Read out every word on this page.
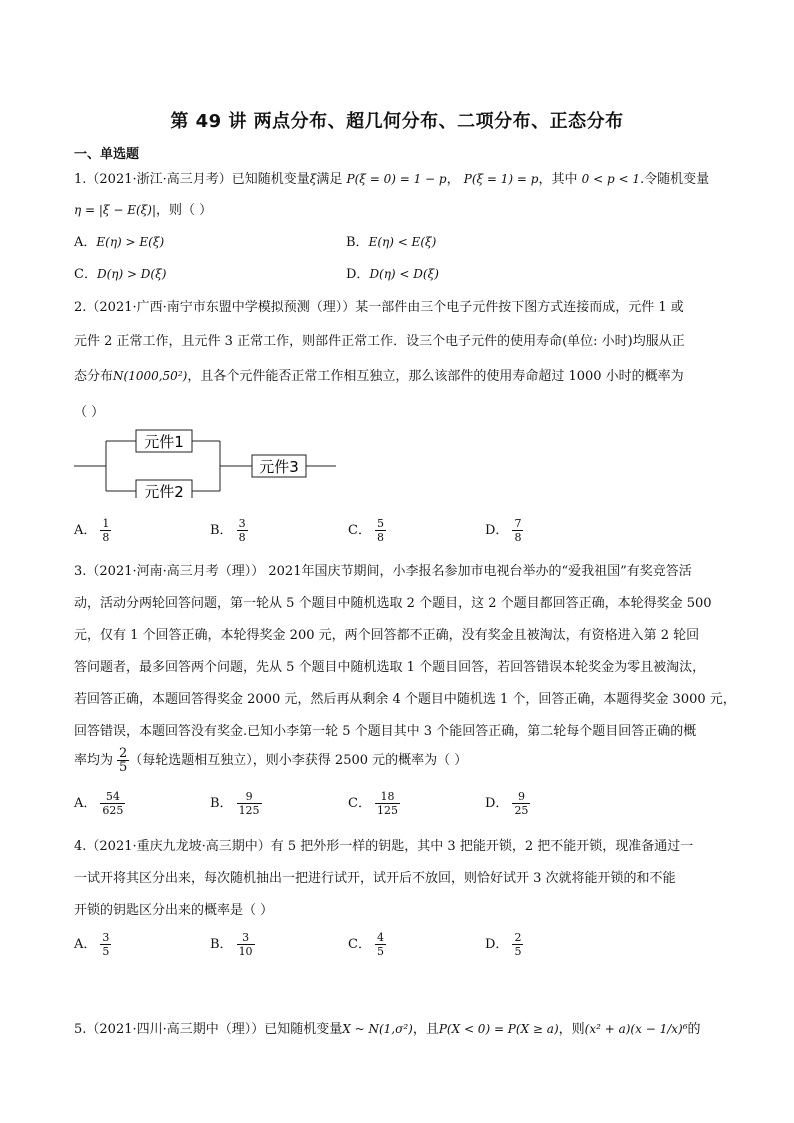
第 49 讲 两点分布、超几何分布、二项分布、正态分布
一、单选题
1.（2021·浙江·高三月考）已知随机变量ξ满足 P(ξ = 0) = 1 − p， P(ξ = 1) = p，其中 0 < p < 1.令随机变量
η = |ξ − E(ξ)|，则（ ）
A．E(η) > E(ξ)	B．E(η) < E(ξ)
C．D(η) > D(ξ)	D．D(η) < D(ξ)
2.（2021·广西·南宁市东盟中学模拟预测（理））某一部件由三个电子元件按下图方式连接而成，元件 1 或
元件 2 正常工作，且元件 3 正常工作，则部件正常工作．设三个电子元件的使用寿命(单位: 小时)均服从正
态分布N(1000,50²)，且各个元件能否正常工作相互独立，那么该部件的使用寿命超过 1000 小时的概率为
（ ）
元件1
元件2
元件3
A． $\frac{1}{8}$	B． $\frac{3}{8}$	C． $\frac{5}{8}$	D． $\frac{7}{8}$
3.（2021·河南·高三月考（理）） 2021年国庆节期间，小李报名参加市电视台举办的“爱我祖国”有奖竞答活
动，活动分两轮回答问题，第一轮从 5 个题目中随机选取 2 个题目，这 2 个题目都回答正确，本轮得奖金 500
元，仅有 1 个回答正确，本轮得奖金 200 元，两个回答都不正确，没有奖金且被淘汰，有资格进入第 2 轮回
答问题者，最多回答两个问题，先从 5 个题目中随机选取 1 个题目回答，若回答错误本轮奖金为零且被淘汰，
若回答正确，本题回答得奖金 2000 元，然后再从剩余 4 个题目中随机选 1 个，回答正确，本题得奖金 3000 元，
回答错误，本题回答没有奖金.已知小李第一轮 5 个题目其中 3 个能回答正确，第二轮每个题目回答正确的概
率均为 $\frac{2}{5}$ （每轮选题相互独立），则小李获得 2500 元的概率为（ ）
A． $\frac{54}{625}$	B． $\frac{9}{125}$	C． $\frac{18}{125}$	D． $\frac{9}{25}$
4.（2021·重庆九龙坡·高三期中）有 5 把外形一样的钥匙，其中 3 把能开锁，2 把不能开锁，现准备通过一
一试开将其区分出来，每次随机抽出一把进行试开，试开后不放回，则恰好试开 3 次就将能开锁的和不能
开锁的钥匙区分出来的概率是（ ）
A． $\frac{3}{5}$	B． $\frac{3}{10}$	C． $\frac{4}{5}$	D． $\frac{2}{5}$
5.（2021·四川·高三期中（理））已知随机变量X ~ N(1,σ²)，且P(X < 0) = P(X ≥ a)，则(x² + a)(x − 1/x)⁶的
